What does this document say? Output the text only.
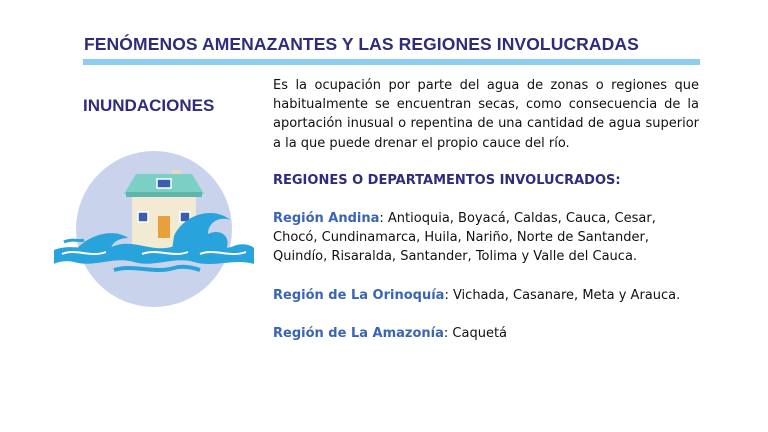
FENÓMENOS AMENAZANTES Y LAS REGIONES INVOLUCRADAS
INUNDACIONES

Es la ocupación por parte del agua de zonas o regiones que habitualmente se encuentran secas, como consecuencia de la aportación inusual o repentina de una cantidad de agua superior a la que puede drenar el propio cauce del río.

REGIONES O DEPARTAMENTOS INVOLUCRADOS:

Región Andina: Antioquia, Boyacá, Caldas, Cauca, Cesar, Chocó, Cundinamarca, Huila, Nariño, Norte de Santander, Quindío, Risaralda, Santander, Tolima y Valle del Cauca.

Región de La Orinoquía: Vichada, Casanare, Meta y Arauca.

Región de La Amazonía: Caquetá
